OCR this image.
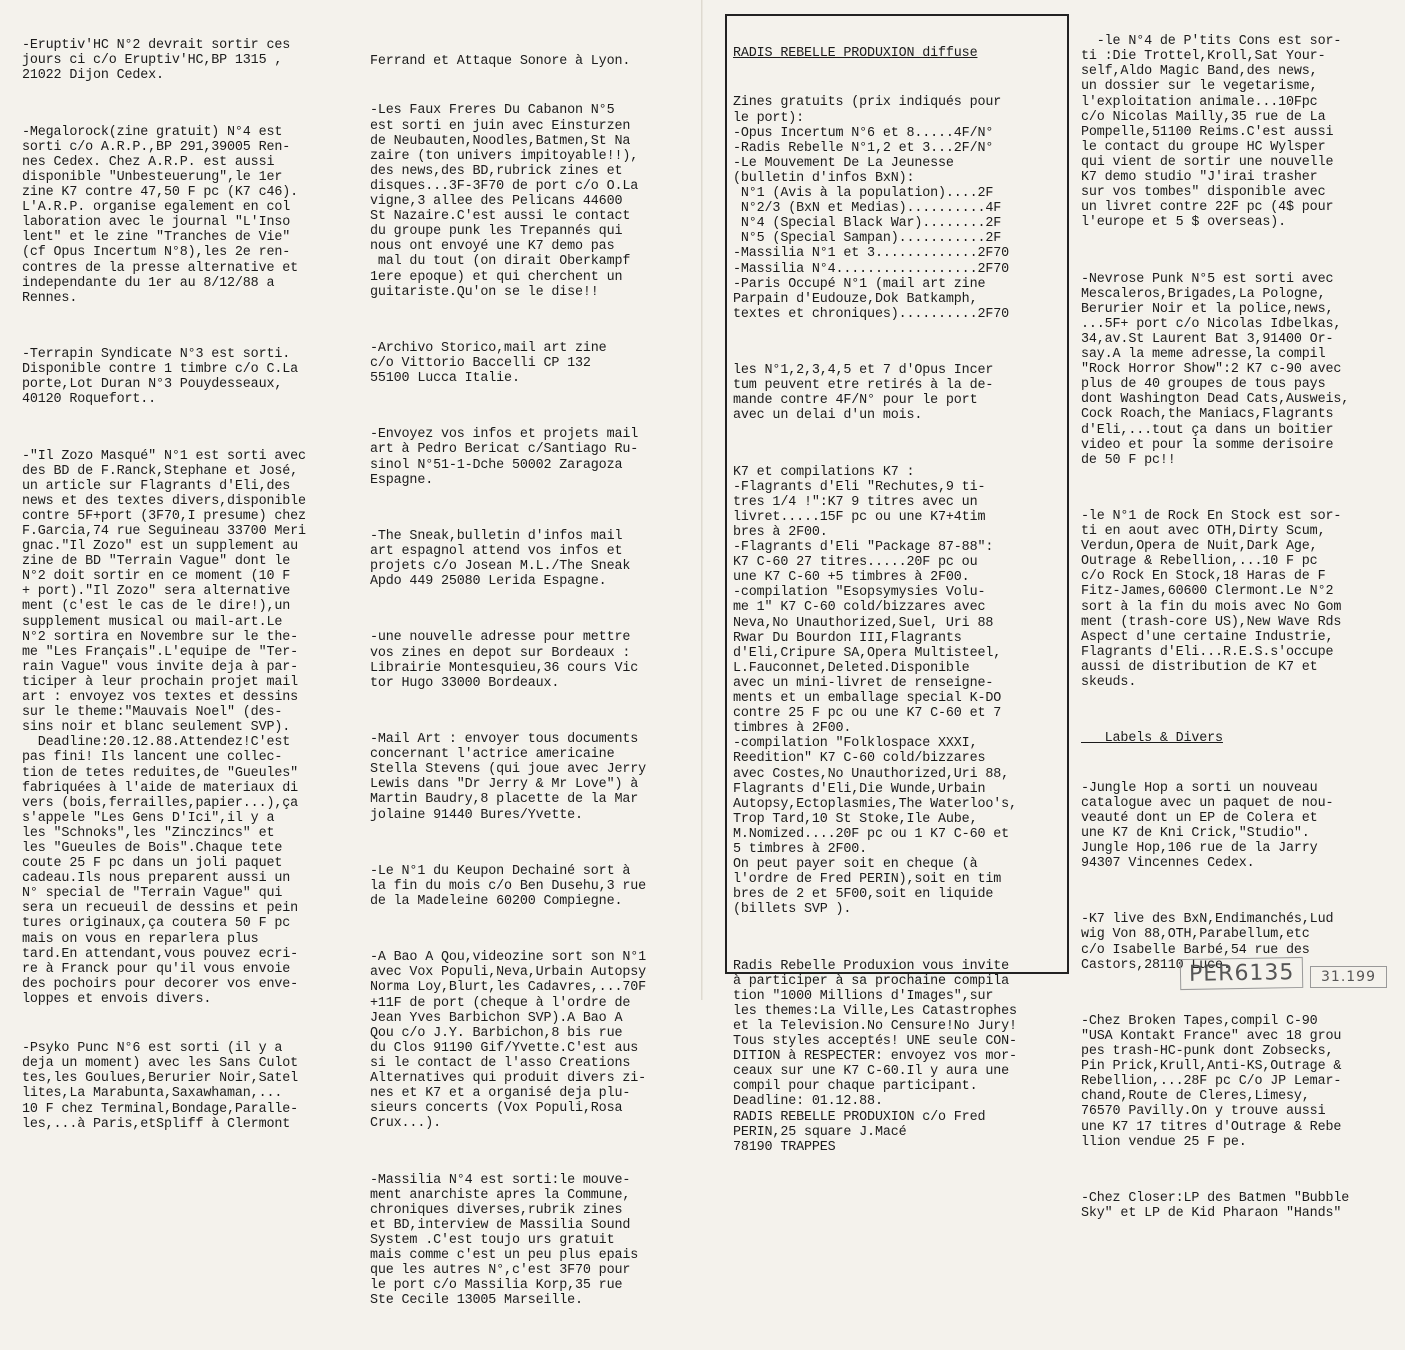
-Eruptiv'HC N°2 devrait sortir ces
jours ci c/o Eruptiv'HC,BP 1315 ,
21022 Dijon Cedex.

-Megalorock(zine gratuit) N°4 est
sorti c/o A.R.P.,BP 291,39005 Ren-
nes Cedex. Chez A.R.P. est aussi
disponible "Unbesteuerung",le 1er
zine K7 contre 47,50 F pc (K7 c46).
L'A.R.P. organise egalement en col
laboration avec le journal "L'Inso
lent" et le zine "Tranches de Vie"
(cf Opus Incertum N°8),les 2e ren-
contres de la presse alternative et
independante du 1er au 8/12/88 a
Rennes.

-Terrapin Syndicate N°3 est sorti.
Disponible contre 1 timbre c/o C.La
porte,Lot Duran N°3 Pouydesseaux,
40120 Roquefort..

-"Il Zozo Masqué" N°1 est sorti avec
des BD de F.Ranck,Stephane et José,
un article sur Flagrants d'Eli,des
news et des textes divers,disponible
contre 5F+port (3F70,I presume) chez
F.Garcia,74 rue Seguineau 33700 Meri
gnac."Il Zozo" est un supplement au
zine de BD "Terrain Vague" dont le
N°2 doit sortir en ce moment (10 F
+ port)."Il Zozo" sera alternative
ment (c'est le cas de le dire!),un
supplement musical ou mail-art.Le
N°2 sortira en Novembre sur le the-
me "Les Français".L'equipe de "Ter-
rain Vague" vous invite deja à par-
ticiper à leur prochain projet mail
art : envoyez vos textes et dessins
sur le theme:"Mauvais Noel" (des-
sins noir et blanc seulement SVP).
Deadline:20.12.88.Attendez!C'est
pas fini! Ils lancent une collec-
tion de tetes reduites,de "Gueules"
fabriquées à l'aide de materiaux di
vers (bois,ferrailles,papier...),ça
s'appele "Les Gens D'Ici",il y a
les "Schnoks",les "Zinczincs" et
les "Gueules de Bois".Chaque tete
coute 25 F pc dans un joli paquet
cadeau.Ils nous preparent aussi un
N° special de "Terrain Vague" qui
sera un recueuil de dessins et pein
tures originaux,ça coutera 50 F pc
mais on vous en reparlera plus
tard.En attendant,vous pouvez ecri-
re à Franck pour qu'il vous envoie
des pochoirs pour decorer vos enve-
loppes et envois divers.

-Psyko Punc N°6 est sorti (il y a
deja un moment) avec les Sans Culot
tes,les Goulues,Berurier Noir,Satel
lites,La Marabunta,Saxawhaman,...
10 F chez Terminal,Bondage,Paralle-
les,...à Paris,etSpliff à Clermont

Ferrand et Attaque Sonore à Lyon.

-Les Faux Freres Du Cabanon N°5
est sorti en juin avec Einsturzen
de Neubauten,Noodles,Batmen,St Na
zaire (ton univers impitoyable!!),
des news,des BD,rubrick zines et
disques...3F-3F70 de port c/o O.La
vigne,3 allee des Pelicans 44600
St Nazaire.C'est aussi le contact
du groupe punk les Trepannés qui
nous ont envoyé une K7 demo pas
mal du tout (on dirait Oberkampf
1ere epoque) et qui cherchent un
guitariste.Qu'on se le dise!!

-Archivo Storico,mail art zine
c/o Vittorio Baccelli CP 132
55100 Lucca Italie.

-Envoyez vos infos et projets mail
art à Pedro Bericat c/Santiago Ru-
sinol N°51-1-Dche 50002 Zaragoza
Espagne.

-The Sneak,bulletin d'infos mail
art espagnol attend vos infos et
projets c/o Josean M.L./The Sneak
Apdo 449 25080 Lerida Espagne.

-une nouvelle adresse pour mettre
vos zines en depot sur Bordeaux :
Librairie Montesquieu,36 cours Vic
tor Hugo 33000 Bordeaux.

-Mail Art : envoyer tous documents
concernant l'actrice americaine
Stella Stevens (qui joue avec Jerry
Lewis dans "Dr Jerry & Mr Love") à
Martin Baudry,8 placette de la Mar
jolaine 91440 Bures/Yvette.

-Le N°1 du Keupon Dechainé sort à
la fin du mois c/o Ben Dusehu,3 rue
de la Madeleine 60200 Compiegne.

-A Bao A Qou,videozine sort son N°1
avec Vox Populi,Neva,Urbain Autopsy
Norma Loy,Blurt,les Cadavres,...70F
+11F de port (cheque à l'ordre de
Jean Yves Barbichon SVP).A Bao A
Qou c/o J.Y. Barbichon,8 bis rue
du Clos 91190 Gif/Yvette.C'est aus
si le contact de l'asso Creations
Alternatives qui produit divers zi-
nes et K7 et a organisé deja plu-
sieurs concerts (Vox Populi,Rosa
Crux...).

-Massilia N°4 est sorti:le mouve-
ment anarchiste apres la Commune,
chroniques diverses,rubrik zines
et BD,interview de Massilia Sound
System .C'est toujo urs gratuit
mais comme c'est un peu plus epais
que les autres N°,c'est 3F70 pour
le port c/o Massilia Korp,35 rue
Ste Cecile 13005 Marseille.

RADIS REBELLE PRODUXION diffuse

Zines gratuits (prix indiqués pour
le port):
-Opus Incertum N°6 et 8.....4F/N°
-Radis Rebelle N°1,2 et 3...2F/N°
-Le Mouvement De La Jeunesse
(bulletin d'infos BxN):
N°1 (Avis à la population)....2F
N°2/3 (BxN et Medias)..........4F
N°4 (Special Black War)........2F
N°5 (Special Sampan)...........2F
-Massilia N°1 et 3.............2F70
-Massilia N°4..................2F70
-Paris Occupé N°1 (mail art zine
Parpain d'Eudouze,Dok Batkamph,
textes et chroniques)..........2F70

les N°1,2,3,4,5 et 7 d'Opus Incer
tum peuvent etre retirés à la de-
mande contre 4F/N° pour le port
avec un delai d'un mois.

K7 et compilations K7 :
-Flagrants d'Eli "Rechutes,9 ti-
tres 1/4 !":K7 9 titres avec un
livret.....15F pc ou une K7+4tim
bres à 2F00.
-Flagrants d'Eli "Package 87-88":
K7 C-60 27 titres.....20F pc ou
une K7 C-60 +5 timbres à 2F00.
-compilation "Esopsymysies Volu-
me 1" K7 C-60 cold/bizzares avec
Neva,No Unauthorized,Suel, Uri 88
Rwar Du Bourdon III,Flagrants
d'Eli,Cripure SA,Opera Multisteel,
L.Fauconnet,Deleted.Disponible
avec un mini-livret de renseigne-
ments et un emballage special K-DO
contre 25 F pc ou une K7 C-60 et 7
timbres à 2F00.
-compilation "Folklospace XXXI,
Reedition" K7 C-60 cold/bizzares
avec Costes,No Unauthorized,Uri 88,
Flagrants d'Eli,Die Wunde,Urbain
Autopsy,Ectoplasmies,The Waterloo's,
Trop Tard,10 St Stoke,Ile Aube,
M.Nomized....20F pc ou 1 K7 C-60 et
5 timbres à 2F00.
On peut payer soit en cheque (à
l'ordre de Fred PERIN),soit en tim
bres de 2 et 5F00,soit en liquide
(billets SVP ).

Radis Rebelle Produxion vous invite
à participer à sa prochaine compila
tion "1000 Millions d'Images",sur
les themes:La Ville,Les Catastrophes
et la Television.No Censure!No Jury!
Tous styles acceptés! UNE seule CON-
DITION à RESPECTER: envoyez vos mor-
ceaux sur une K7 C-60.Il y aura une
compil pour chaque participant.
Deadline: 01.12.88.
RADIS REBELLE PRODUXION c/o Fred
PERIN,25 square J.Macé
78190 TRAPPES

-le N°4 de P'tits Cons est sor-
ti :Die Trottel,Kroll,Sat Your-
self,Aldo Magic Band,des news,
un dossier sur le vegetarisme,
l'exploitation animale...10Fpc
c/o Nicolas Mailly,35 rue de La
Pompelle,51100 Reims.C'est aussi
le contact du groupe HC Wylsper
qui vient de sortir une nouvelle
K7 demo studio "J'irai trasher
sur vos tombes" disponible avec
un livret contre 22F pc (4$ pour
l'europe et 5 $ overseas).

-Nevrose Punk N°5 est sorti avec
Mescaleros,Brigades,La Pologne,
Berurier Noir et la police,news,
...5F+ port c/o Nicolas Idbelkas,
34,av.St Laurent Bat 3,91400 Or-
say.A la meme adresse,la compil
"Rock Horror Show":2 K7 c-90 avec
plus de 40 groupes de tous pays
dont Washington Dead Cats,Ausweis,
Cock Roach,the Maniacs,Flagrants
d'Eli,...tout ça dans un boitier
video et pour la somme derisoire
de 50 F pc!!

-le N°1 de Rock En Stock est sor-
ti en aout avec OTH,Dirty Scum,
Verdun,Opera de Nuit,Dark Age,
Outrage & Rebellion,...10 F pc
c/o Rock En Stock,18 Haras de F
Fitz-James,60600 Clermont.Le N°2
sort à la fin du mois avec No Gom
ment (trash-core US),New Wave Rds
Aspect d'une certaine Industrie,
Flagrants d'Eli...R.E.S.s'occupe
aussi de distribution de K7 et
skeuds.

Labels & Divers

-Jungle Hop a sorti un nouveau
catalogue avec un paquet de nou-
veauté dont un EP de Colera et
une K7 de Kni Crick,"Studio".
Jungle Hop,106 rue de la Jarry
94307 Vincennes Cedex.

-K7 live des BxN,Endimanchés,Lud
wig Von 88,OTH,Parabellum,etc
c/o Isabelle Barbé,54 rue des
Castors,28110 Luce.

-Chez Broken Tapes,compil C-90
"USA Kontakt France" avec 18 grou
pes trash-HC-punk dont Zobsecks,
Pin Prick,Krull,Anti-KS,Outrage &
Rebellion,...28F pc C/o JP Lemar-
chand,Route de Cleres,Limesy,
76570 Pavilly.On y trouve aussi
une K7 17 titres d'Outrage & Rebe
llion vendue 25 F pe.

-Chez Closer:LP des Batmen "Bubble
Sky" et LP de Kid Pharaon "Hands"

PER6135	31.199
